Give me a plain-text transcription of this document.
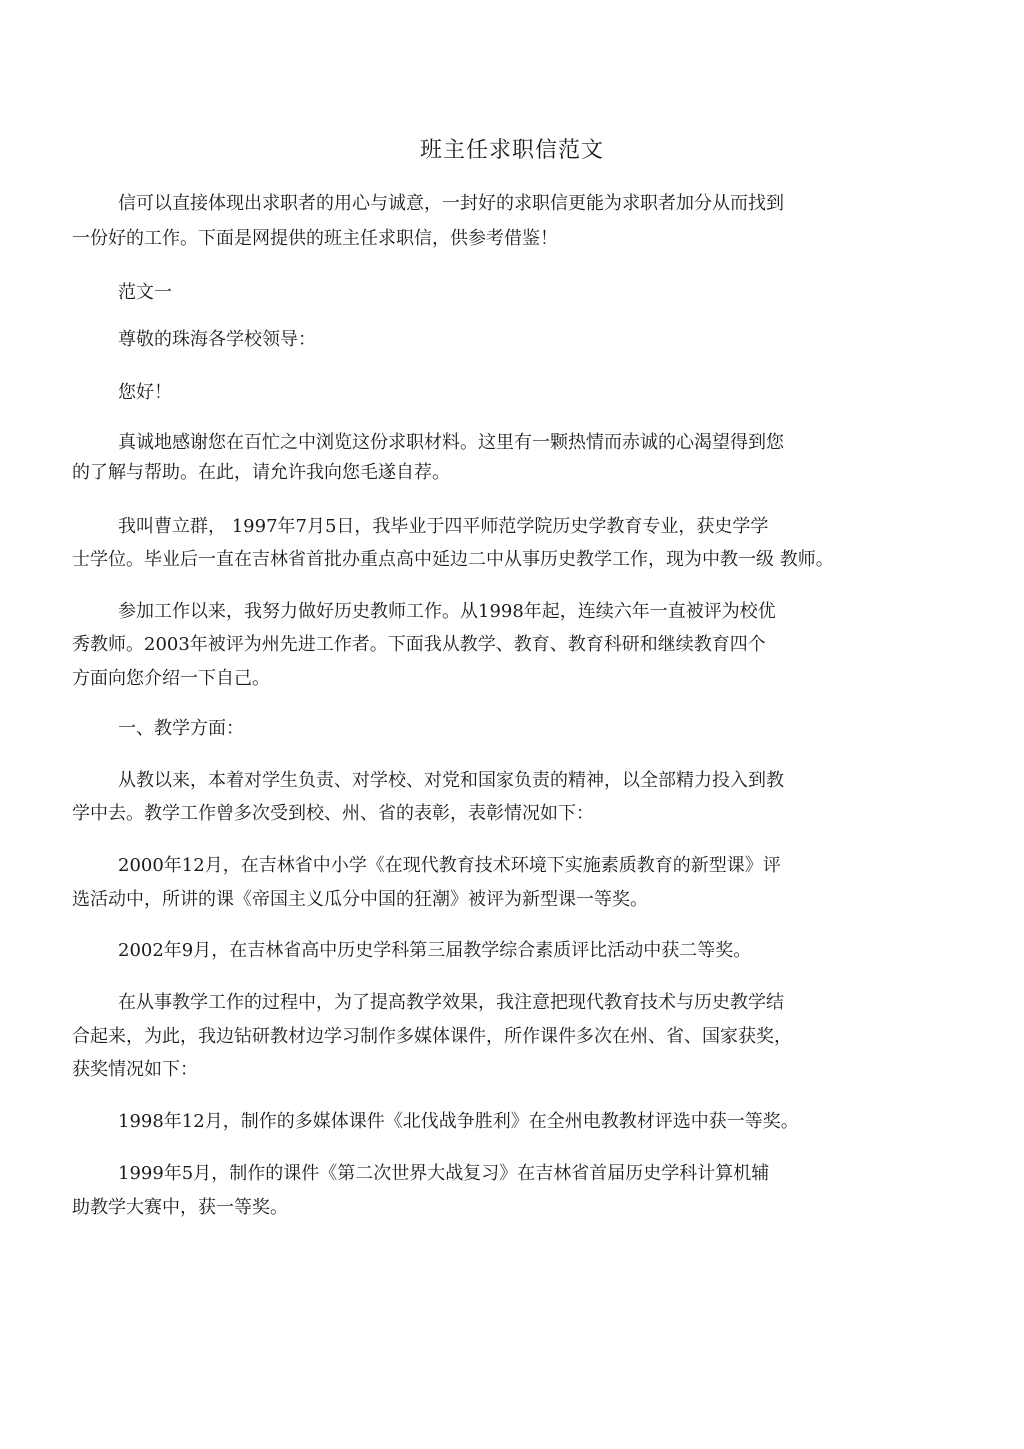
班主任求职信范文
信可以直接体现出求职者的用心与诚意，一封好的求职信更能为求职者加分从而找到
一份好的工作。下面是网提供的班主任求职信，供参考借鉴！
范文一
尊敬的珠海各学校领导：
您好！
真诚地感谢您在百忙之中浏览这份求职材料。这里有一颗热情而赤诚的心渴望得到您
的了解与帮助。在此，请允许我向您毛遂自荐。
我叫曹立群， 1997年7月5日，我毕业于四平师范学院历史学教育专业，获史学学
士学位。毕业后一直在吉林省首批办重点高中延边二中从事历史教学工作，现为中教一级 教师。
参加工作以来，我努力做好历史教师工作。从1998年起，连续六年一直被评为校优
秀教师。2003年被评为州先进工作者。下面我从教学、教育、教育科研和继续教育四个
方面向您介绍一下自己。
一、教学方面：
从教以来，本着对学生负责、对学校、对党和国家负责的精神，以全部精力投入到教
学中去。教学工作曾多次受到校、州、省的表彰，表彰情况如下：
2000年12月，在吉林省中小学《在现代教育技术环境下实施素质教育的新型课》评
选活动中，所讲的课《帝国主义瓜分中国的狂潮》被评为新型课一等奖。
2002年9月，在吉林省高中历史学科第三届教学综合素质评比活动中获二等奖。
在从事教学工作的过程中，为了提高教学效果，我注意把现代教育技术与历史教学结
合起来，为此，我边钻研教材边学习制作多媒体课件，所作课件多次在州、省、国家获奖，
获奖情况如下：
1998年12月，制作的多媒体课件《北伐战争胜利》在全州电教教材评选中获一等奖。
1999年5月，制作的课件《第二次世界大战复习》在吉林省首届历史学科计算机辅
助教学大赛中，获一等奖。
